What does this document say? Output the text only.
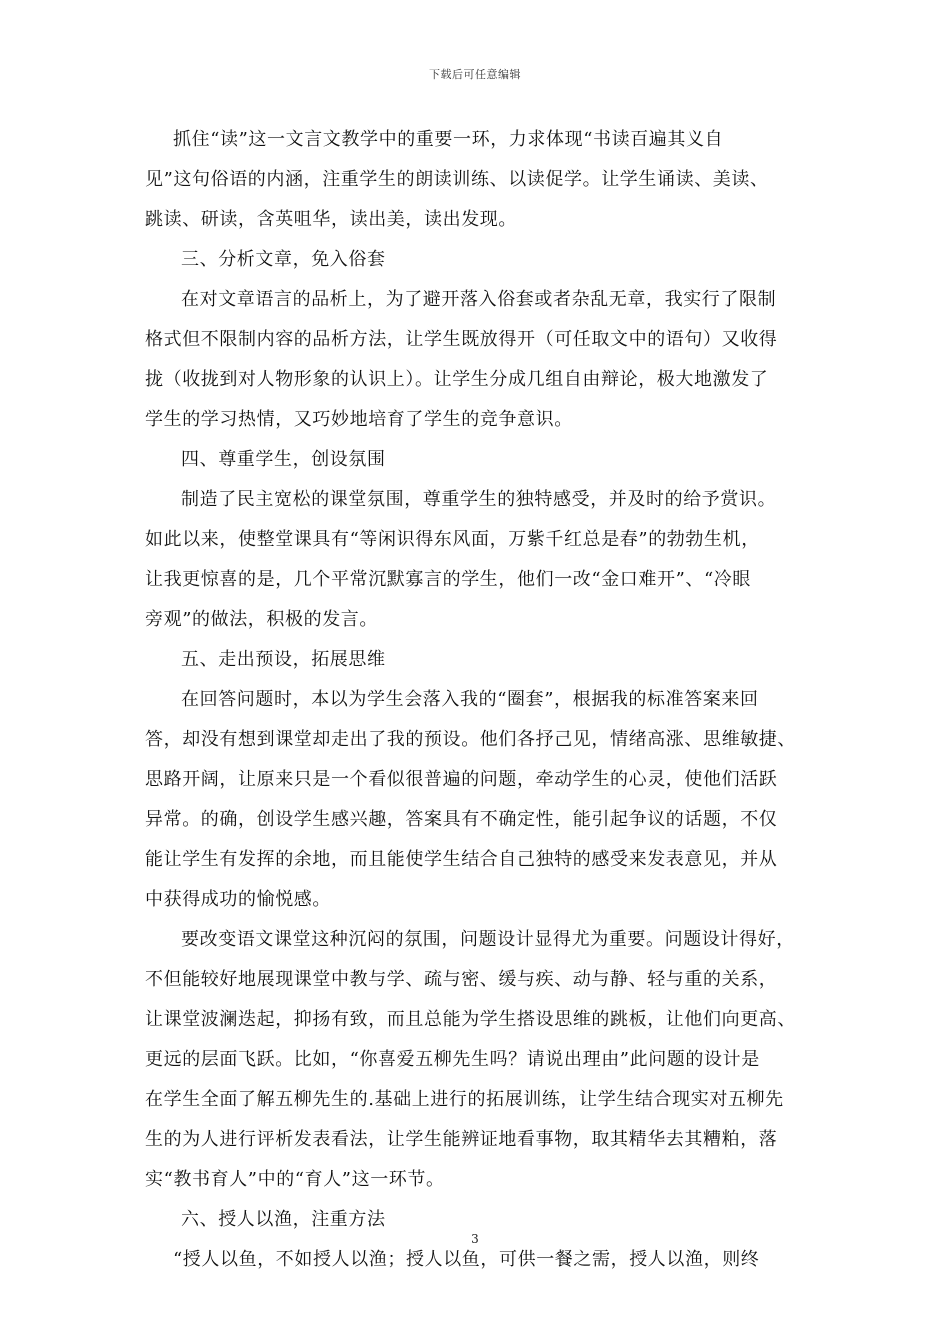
下载后可任意编辑
抓住“读”这一文言文教学中的重要一环，力求体现“书读百遍其义自
见”这句俗语的内涵，注重学生的朗读训练、以读促学。让学生诵读、美读、
跳读、研读，含英咀华，读出美，读出发现。
三、分析文章，免入俗套
在对文章语言的品析上，为了避开落入俗套或者杂乱无章，我实行了限制
格式但不限制内容的品析方法，让学生既放得开（可任取文中的语句）又收得
拢（收拢到对人物形象的认识上）。让学生分成几组自由辩论，极大地激发了
学生的学习热情，又巧妙地培育了学生的竞争意识。
四、尊重学生，创设氛围
制造了民主宽松的课堂氛围，尊重学生的独特感受，并及时的给予赏识。
如此以来，使整堂课具有“等闲识得东风面，万紫千红总是春”的勃勃生机，
让我更惊喜的是，几个平常沉默寡言的学生，他们一改“金口难开”、“冷眼
旁观”的做法，积极的发言。
五、走出预设，拓展思维
在回答问题时，本以为学生会落入我的“圈套”，根据我的标准答案来回
答，却没有想到课堂却走出了我的预设。他们各抒己见，情绪高涨、思维敏捷、
思路开阔，让原来只是一个看似很普遍的问题，牵动学生的心灵，使他们活跃
异常。的确，创设学生感兴趣，答案具有不确定性，能引起争议的话题，不仅
能让学生有发挥的余地，而且能使学生结合自己独特的感受来发表意见，并从
中获得成功的愉悦感。
要改变语文课堂这种沉闷的氛围，问题设计显得尤为重要。问题设计得好，
不但能较好地展现课堂中教与学、疏与密、缓与疾、动与静、轻与重的关系，
让课堂波澜迭起，抑扬有致，而且总能为学生搭设思维的跳板，让他们向更高、
更远的层面飞跃。比如，“你喜爱五柳先生吗？请说出理由”此问题的设计是
在学生全面了解五柳先生的.基础上进行的拓展训练，让学生结合现实对五柳先
生的为人进行评析发表看法，让学生能辨证地看事物，取其精华去其糟粕，落
实“教书育人”中的“育人”这一环节。
六、授人以渔，注重方法
“授人以鱼，不如授人以渔；授人以鱼，可供一餐之需，授人以渔，则终
3
